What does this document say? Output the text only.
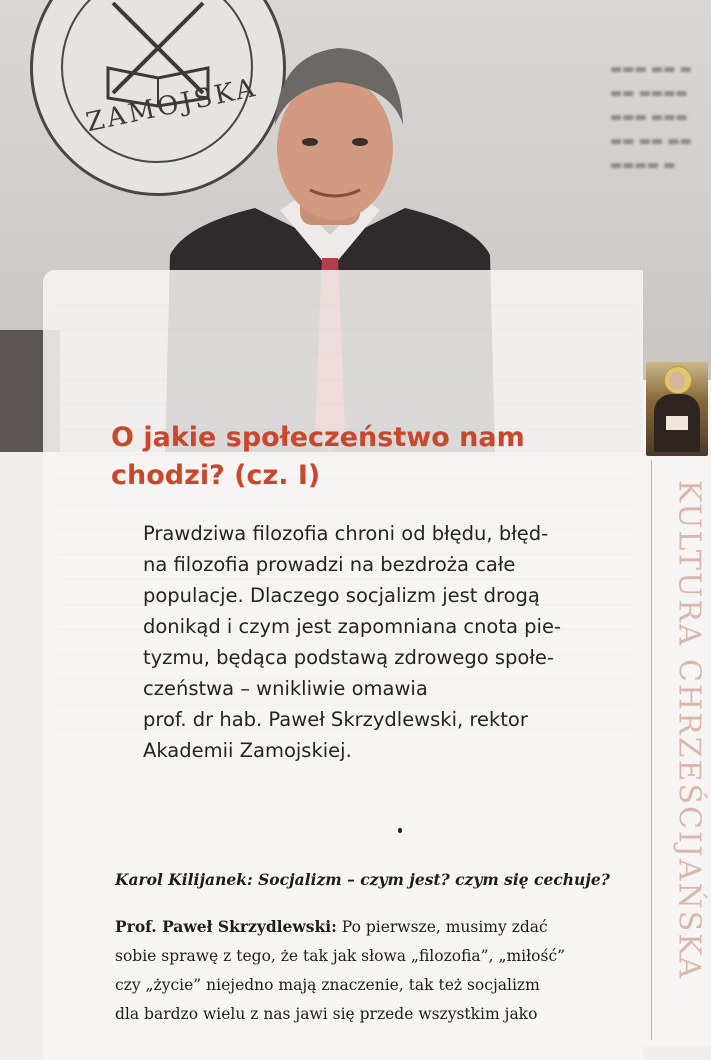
ZAMOJSKA
▬▬▬ ▬▬ ▬
▬▬ ▬▬▬▬
▬▬▬ ▬▬▬
▬▬ ▬▬ ▬▬
▬▬▬▬ ▬
KULTURA CHRZEŚCIJAŃSKA
O jakie społeczeństwo nam
chodzi? (cz. I)

Prawdziwa filozofia chroni od błędu, błęd-
na filozofia prowadzi na bezdroża całe
populacje. Dlaczego socjalizm jest drogą
donikąd i czym jest zapomniana cnota pie-
tyzmu, będąca podstawą zdrowego społe-
czeństwa – wnikliwie omawia
prof. dr hab. Paweł Skrzydlewski, rektor
Akademii Zamojskiej.

Karol Kilijanek: Socjalizm – czym jest? czym się cechuje?

Prof. Paweł Skrzydlewski: Po pierwsze, musimy zdać
sobie sprawę z tego, że tak jak słowa „filozofia”, „miłość”
czy „życie” niejedno mają znaczenie, tak też socjalizm
dla bardzo wielu z nas jawi się przede wszystkim jako
